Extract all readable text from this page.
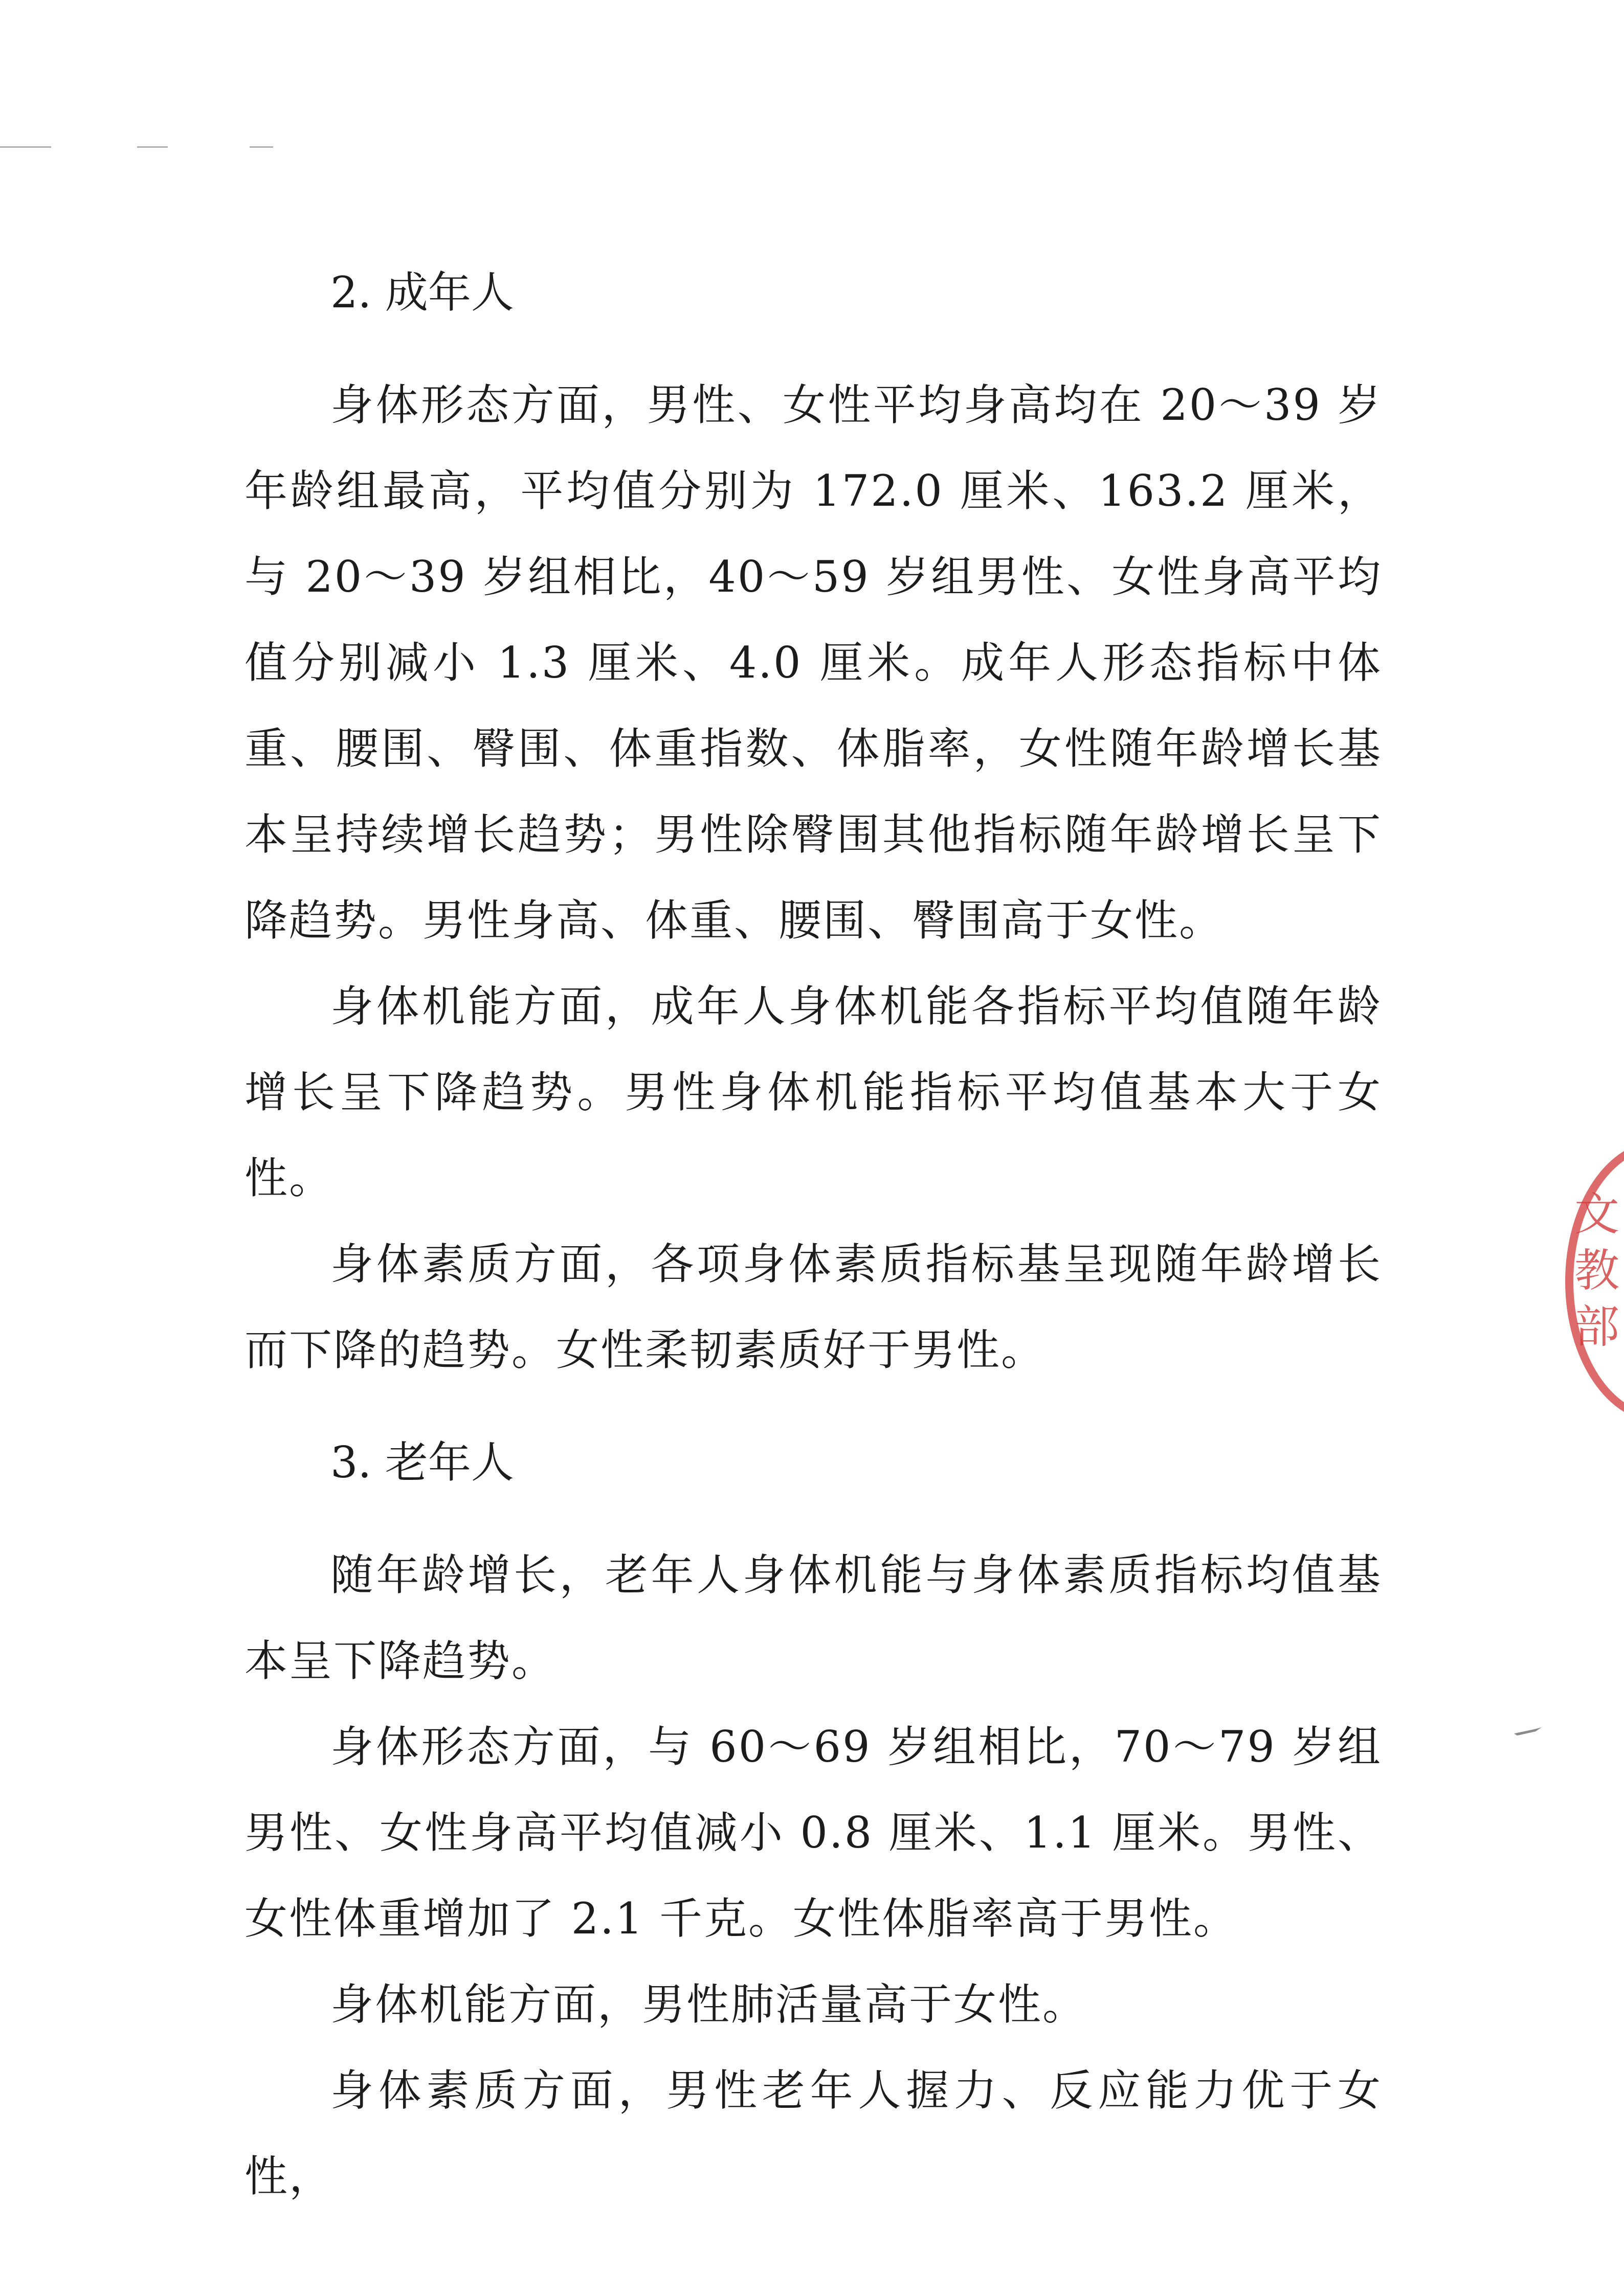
2. 成年人

身体形态方面，男性、女性平均身高均在 20～39 岁年龄组最高，平均值分别为 172.0 厘米、163.2 厘米，与 20～39 岁组相比，40～59 岁组男性、女性身高平均值分别减小 1.3 厘米、4.0 厘米。成年人形态指标中体重、腰围、臀围、体重指数、体脂率，女性随年龄增长基本呈持续增长趋势；男性除臀围其他指标随年龄增长呈下降趋势。男性身高、体重、腰围、臀围高于女性。

身体机能方面，成年人身体机能各指标平均值随年龄增长呈下降趋势。男性身体机能指标平均值基本大于女性。

身体素质方面，各项身体素质指标基呈现随年龄增长而下降的趋势。女性柔韧素质好于男性。

3. 老年人

随年龄增长，老年人身体机能与身体素质指标均值基本呈下降趋势。

身体形态方面，与 60～69 岁组相比，70～79 岁组男性、女性身高平均值减小 0.8 厘米、1.1 厘米。男性、女性体重增加了 2.1 千克。女性体脂率高于男性。

身体机能方面，男性肺活量高于女性。

身体素质方面，男性老年人握力、反应能力优于女性，

文 教 部
